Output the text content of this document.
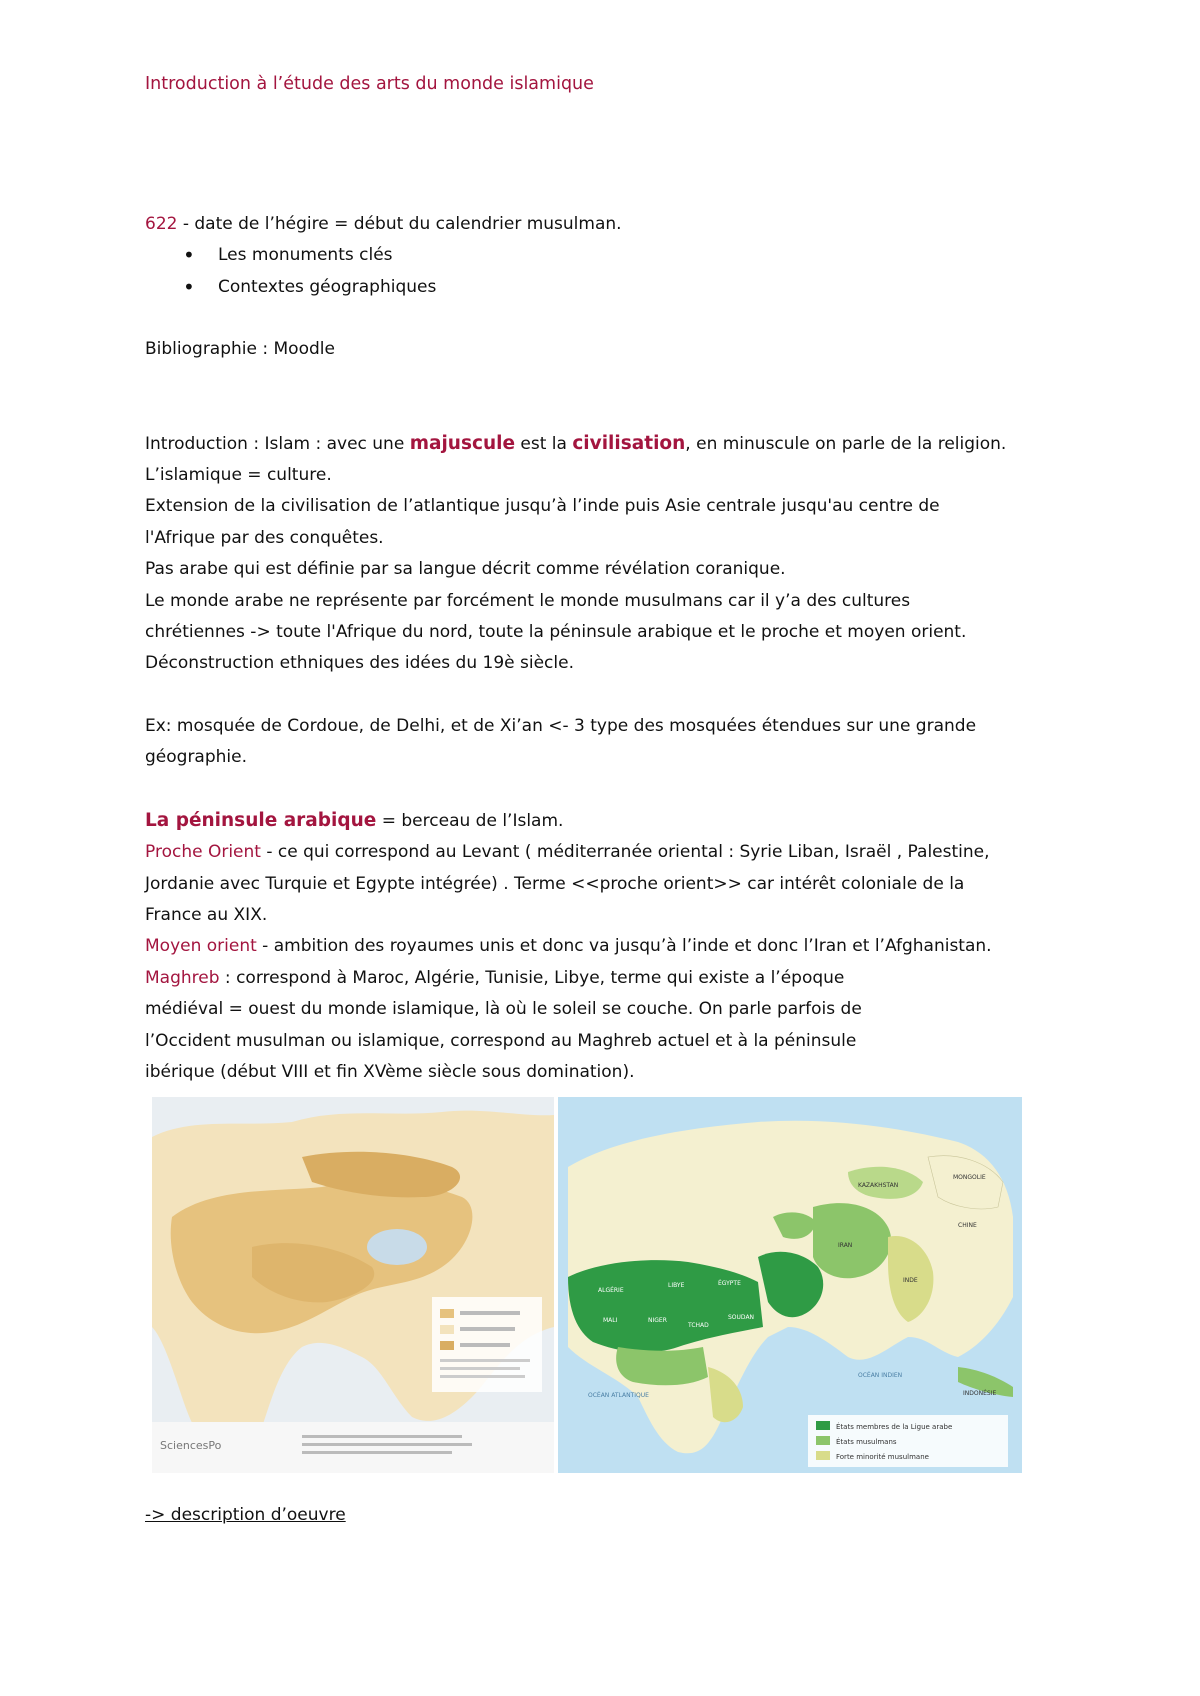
Introduction à l’étude des arts du monde islamique

622 - date de l’hégire = début du calendrier musulman.

• Les monuments clés
• Contextes géographiques

Bibliographie : Moodle

Introduction : Islam : avec une majuscule est la civilisation, en minuscule on parle de la religion.

L’islamique = culture.

Extension de la civilisation de l’atlantique jusqu’à l’inde puis Asie centrale jusqu'au centre de

l'Afrique par des conquêtes.

Pas arabe qui est définie par sa langue décrit comme révélation coranique.

Le monde arabe ne représente par forcément le monde musulmans car il y’a des cultures

chrétiennes -> toute l'Afrique du nord, toute la péninsule arabique et le proche et moyen orient.

Déconstruction ethniques des idées du 19è siècle.

Ex: mosquée de Cordoue, de Delhi, et de Xi’an <- 3 type des mosquées étendues sur une grande

géographie.

La péninsule arabique = berceau de l’Islam.

Proche Orient - ce qui correspond au Levant ( méditerranée oriental : Syrie Liban, Israël , Palestine,

Jordanie avec Turquie et Egypte intégrée) . Terme <<proche orient>> car intérêt coloniale de la

France au XIX.

Moyen orient - ambition des royaumes unis et donc va jusqu’à l’inde et donc l’Iran et l’Afghanistan.

Maghreb : correspond à Maroc, Algérie, Tunisie, Libye, terme qui existe a l’époque

médiéval = ouest du monde islamique, là où le soleil se couche. On parle parfois de

l’Occident musulman ou islamique, correspond au Maghreb actuel et à la péninsule

ibérique (début VIII et fin XVème siècle sous domination).

SciencesPo
KAZAKHSTAN
MONGOLIE
CHINE
IRAN
INDE
ALGÉRIE
LIBYE	ÉGYPTE
MALI	NIGER
TCHAD
SOUDAN
INDONÉSIE
OCÉAN ATLANTIQUE
OCÉAN INDIEN
États membres de la Ligue arabe
États musulmans
Forte minorité musulmane
-> description d’oeuvre
